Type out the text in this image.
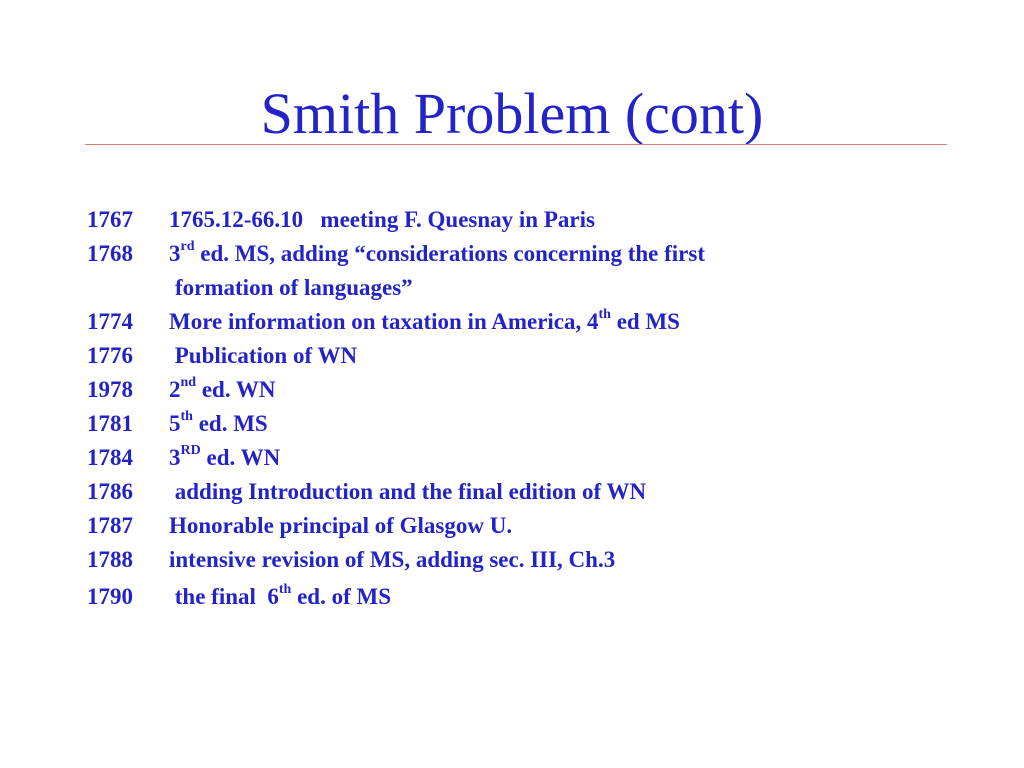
Smith Problem (cont)
1767	1765.12-66.10   meeting F. Quesnay in Paris
1768	3rd ed. MS, adding “considerations concerning the first
formation of languages”
1774	More information on taxation in America, 4th ed MS
1776	Publication of WN
1978	2nd ed. WN
1781	5th ed. MS
1784	3RD ed. WN
1786	adding Introduction and the final edition of WN
1787	Honorable principal of Glasgow U.
1788	intensive revision of MS, adding sec. III, Ch.3
1790	the final  6th ed. of MS
